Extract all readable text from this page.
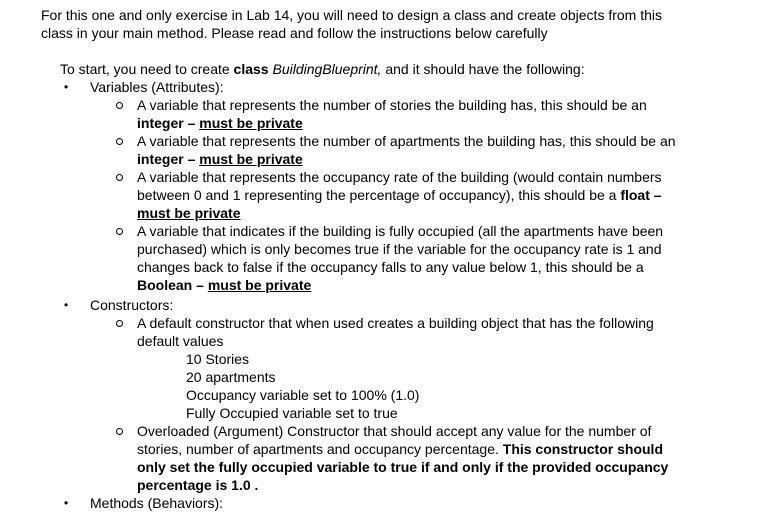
For this one and only exercise in Lab 14, you will need to design a class and create objects from this
class in your main method. Please read and follow the instructions below carefully
To start, you need to create class BuildingBlueprint, and it should have the following:
• Variables (Attributes):
A variable that represents the number of stories the building has, this should be an
integer – must be private
A variable that represents the number of apartments the building has, this should be an
integer – must be private
A variable that represents the occupancy rate of the building (would contain numbers
between 0 and 1 representing the percentage of occupancy), this should be a float –
must be private
A variable that indicates if the building is fully occupied (all the apartments have been
purchased) which is only becomes true if the variable for the occupancy rate is 1 and
changes back to false if the occupancy falls to any value below 1, this should be a
Boolean – must be private
• Constructors:
A default constructor that when used creates a building object that has the following
default values
10 Stories
20 apartments
Occupancy variable set to 100% (1.0)
Fully Occupied variable set to true
Overloaded (Argument) Constructor that should accept any value for the number of
stories, number of apartments and occupancy percentage. This constructor should
only set the fully occupied variable to true if and only if the provided occupancy
percentage is 1.0 .
• Methods (Behaviors):
